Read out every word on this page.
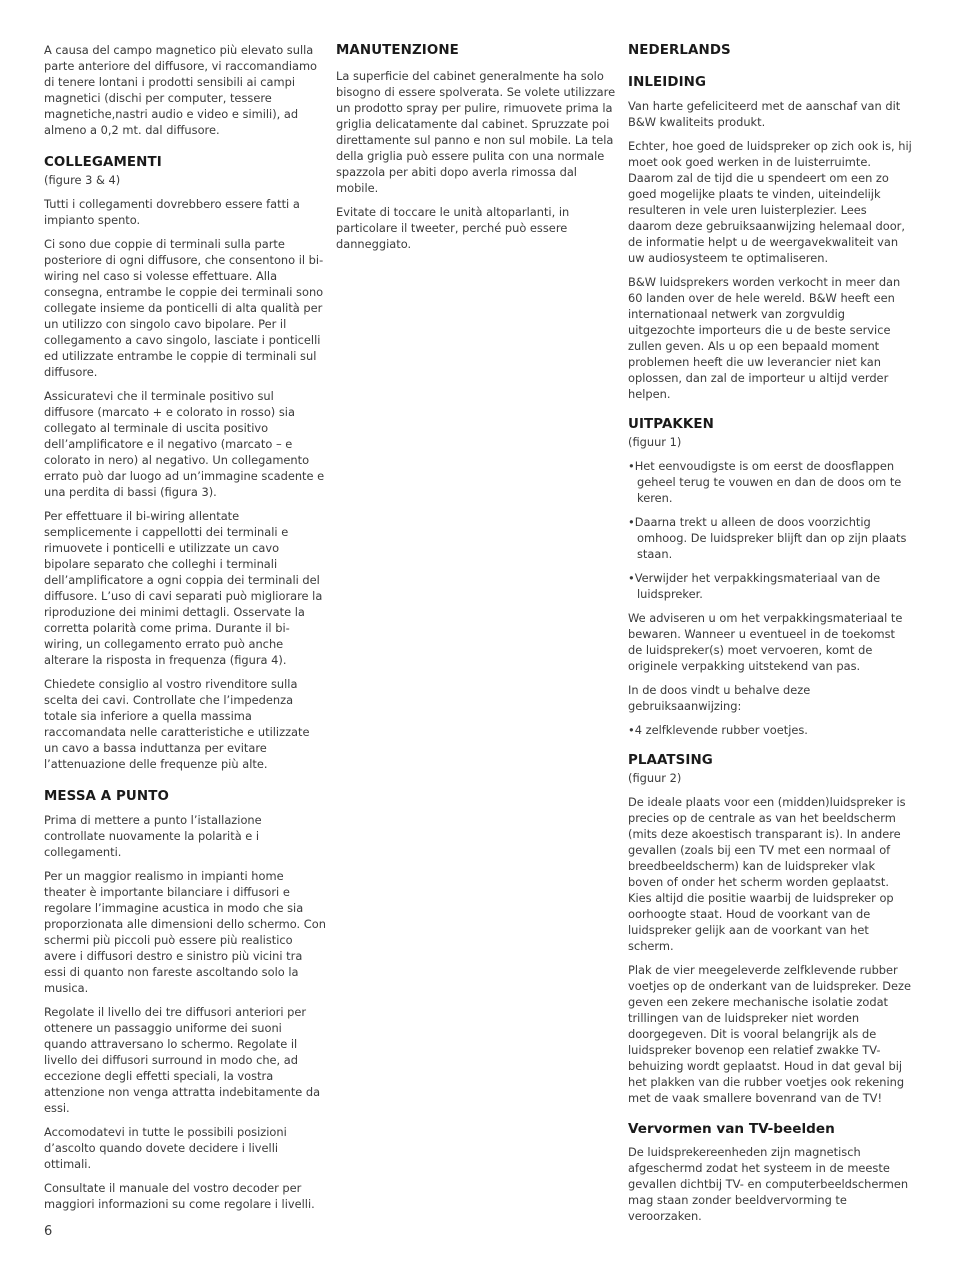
A causa del campo magnetico più elevato sulla parte anteriore del diffusore, vi raccomandiamo di tenere lontani i prodotti sensibili ai campi magnetici (dischi per computer, tessere magnetiche,nastri audio e video e simili), ad almeno a 0,2 mt. dal diffusore.

COLLEGAMENTI

(figure 3 & 4)

Tutti i collegamenti dovrebbero essere fatti a impianto spento.

Ci sono due coppie di terminali sulla parte posteriore di ogni diffusore, che consentono il bi-wiring nel caso si volesse effettuare. Alla consegna, entrambe le coppie dei terminali sono collegate insieme da ponticelli di alta qualità per un utilizzo con singolo cavo bipolare. Per il collegamento a cavo singolo, lasciate i ponticelli ed utilizzate entrambe le coppie di terminali sul diffusore.

Assicuratevi che il terminale positivo sul diffusore (marcato + e colorato in rosso) sia collegato al terminale di uscita positivo dell’amplificatore e il negativo (marcato – e colorato in nero) al negativo. Un collegamento errato può dar luogo ad un’immagine scadente e una perdita di bassi (figura 3).

Per effettuare il bi-wiring allentate semplicemente i cappellotti dei terminali e rimuovete i ponticelli e utilizzate un cavo bipolare separato che colleghi i terminali dell’amplificatore a ogni coppia dei terminali del diffusore. L’uso di cavi separati può migliorare la riproduzione dei minimi dettagli. Osservate la corretta polarità come prima. Durante il bi-wiring, un collegamento errato può anche alterare la risposta in frequenza (figura 4).

Chiedete consiglio al vostro rivenditore sulla scelta dei cavi. Controllate che l’impedenza totale sia inferiore a quella massima raccomandata nelle caratteristiche e utilizzate un cavo a bassa induttanza per evitare l’attenuazione delle frequenze più alte.

MESSA A PUNTO

Prima di mettere a punto l’istallazione controllate nuovamente la polarità e i collegamenti.

Per un maggior realismo in impianti home theater è importante bilanciare i diffusori e regolare l’immagine acustica in modo che sia proporzionata alle dimensioni dello schermo. Con schermi più piccoli può essere più realistico avere i diffusori destro e sinistro più vicini tra essi di quanto non fareste ascoltando solo la musica.

Regolate il livello dei tre diffusori anteriori per ottenere un passaggio uniforme dei suoni quando attraversano lo schermo. Regolate il livello dei diffusori surround in modo che, ad eccezione degli effetti speciali, la vostra attenzione non venga attratta indebitamente da essi.

Accomodatevi in tutte le possibili posizioni d’ascolto quando dovete decidere i livelli ottimali.

Consultate il manuale del vostro decoder per maggiori informazioni su come regolare i livelli.

MANUTENZIONE

La superficie del cabinet generalmente ha solo bisogno di essere spolverata. Se volete utilizzare un prodotto spray per pulire, rimuovete prima la griglia delicatamente dal cabinet. Spruzzate poi direttamente sul panno e non sul mobile. La tela della griglia può essere pulita con una normale spazzola per abiti dopo averla rimossa dal mobile.

Evitate di toccare le unità altoparlanti, in particolare il tweeter, perché può essere danneggiato.

NEDERLANDS
INLEIDING

Van harte gefeliciteerd met de aanschaf van dit B&W kwaliteits produkt.

Echter, hoe goed de luidspreker op zich ook is, hij moet ook goed werken in de luisterruimte. Daarom zal de tijd die u spendeert om een zo goed mogelijke plaats te vinden, uiteindelijk resulteren in vele uren luisterplezier. Lees daarom deze gebruiksaanwijzing helemaal door, de informatie helpt u de weergavekwaliteit van uw audiosysteem te optimaliseren.

B&W luidsprekers worden verkocht in meer dan 60 landen over de hele wereld. B&W heeft een internationaal netwerk van zorgvuldig uitgezochte importeurs die u de beste service zullen geven. Als u op een bepaald moment problemen heeft die uw leverancier niet kan oplossen, dan zal de importeur u altijd verder helpen.

UITPAKKEN

(figuur 1)

•Het eenvoudigste is om eerst de doosflappen geheel terug te vouwen en dan de doos om te keren.

•Daarna trekt u alleen de doos voorzichtig omhoog. De luidspreker blijft dan op zijn plaats staan.

•Verwijder het verpakkingsmateriaal van de luidspreker.

We adviseren u om het verpakkingsmateriaal te bewaren. Wanneer u eventueel in de toekomst de luidspreker(s) moet vervoeren, komt de originele verpakking uitstekend van pas.

In de doos vindt u behalve deze gebruiksaanwijzing:

•4 zelfklevende rubber voetjes.

PLAATSING

(figuur 2)

De ideale plaats voor een (midden)luidspreker is precies op de centrale as van het beeldscherm (mits deze akoestisch transparant is). In andere gevallen (zoals bij een TV met een normaal of breedbeeldscherm) kan de luidspreker vlak boven of onder het scherm worden geplaatst. Kies altijd die positie waarbij de luidspreker op oorhoogte staat. Houd de voorkant van de luidspreker gelijk aan de voorkant van het scherm.

Plak de vier meegeleverde zelfklevende rubber voetjes op de onderkant van de luidspreker. Deze geven een zekere mechanische isolatie zodat trillingen van de luidspreker niet worden doorgegeven. Dit is vooral belangrijk als de luidspreker bovenop een relatief zwakke TV-behuizing wordt geplaatst. Houd in dat geval bij het plakken van die rubber voetjes ook rekening met de vaak smallere bovenrand van de TV!

Vervormen van TV-beelden

De luidsprekereenheden zijn magnetisch afgeschermd zodat het systeem in de meeste gevallen dichtbij TV- en computerbeeldschermen mag staan zonder beeldvervorming te veroorzaken.

6
